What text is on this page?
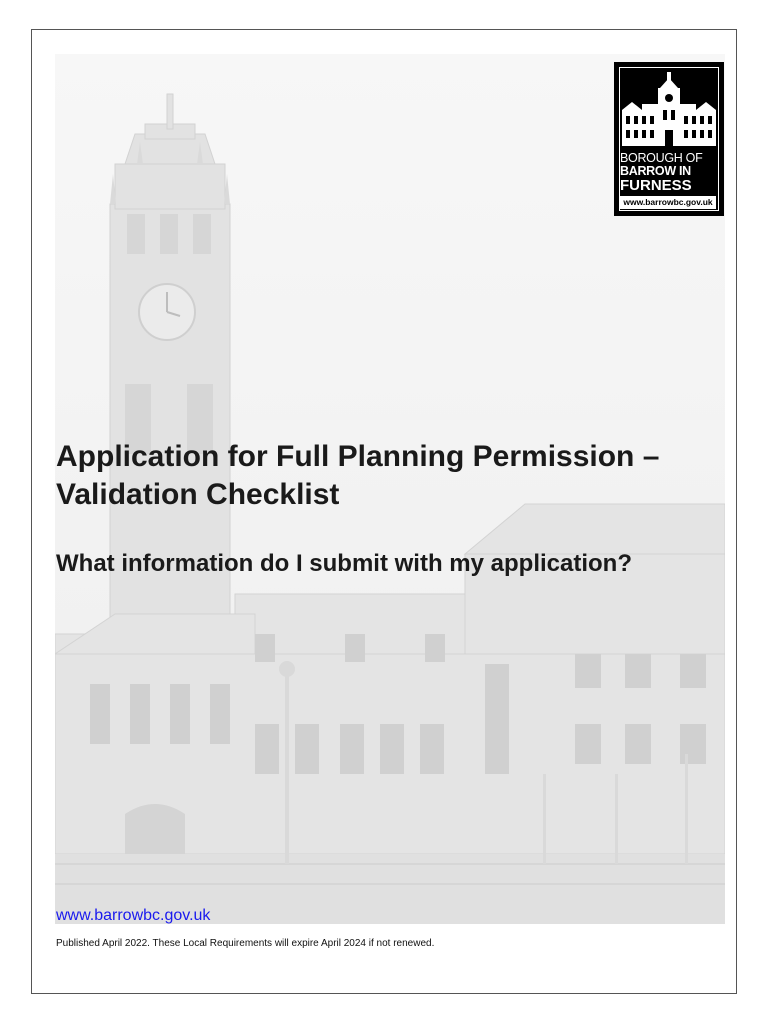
BOROUGH OF
BARROW IN
FURNESS
www.barrowbc.gov.uk
Application for Full Planning Permission – Validation Checklist
What information do I submit with my application?
www.barrowbc.gov.uk
Published April 2022. These Local Requirements will expire April 2024 if not renewed.
